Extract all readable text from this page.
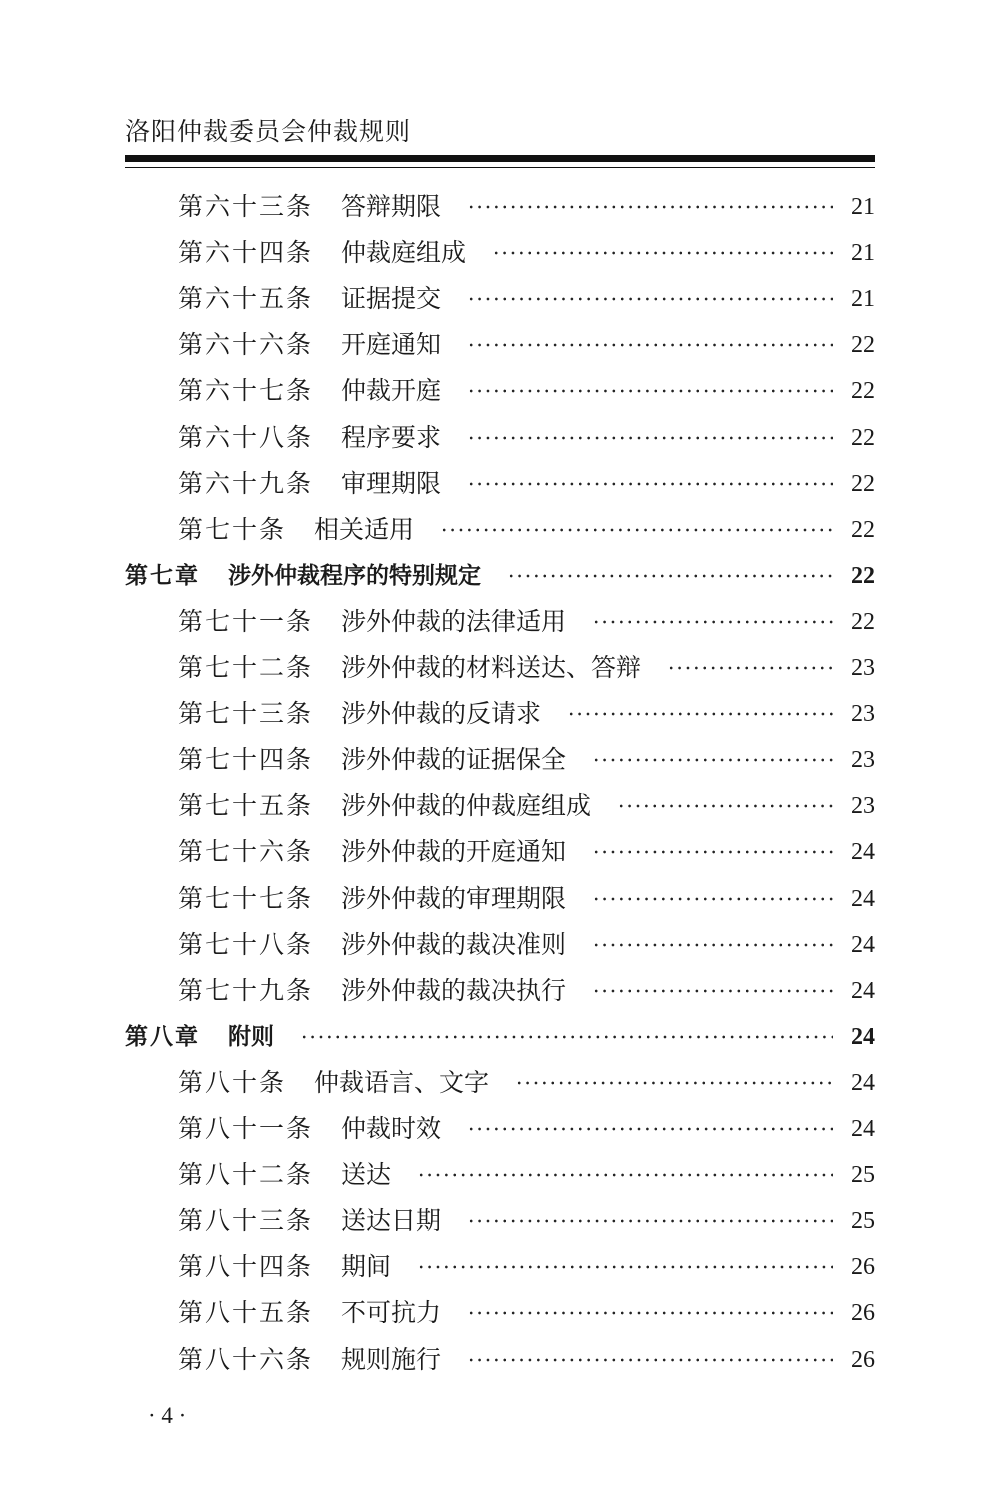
洛阳仲裁委员会仲裁规则
第六十三条 答辩期限	21
第六十四条 仲裁庭组成	21
第六十五条 证据提交	21
第六十六条 开庭通知	22
第六十七条 仲裁开庭	22
第六十八条 程序要求	22
第六十九条 审理期限	22
第七十条 相关适用	22
第七章 涉外仲裁程序的特别规定	22
第七十一条 涉外仲裁的法律适用	22
第七十二条 涉外仲裁的材料送达、答辩	23
第七十三条 涉外仲裁的反请求	23
第七十四条 涉外仲裁的证据保全	23
第七十五条 涉外仲裁的仲裁庭组成	23
第七十六条 涉外仲裁的开庭通知	24
第七十七条 涉外仲裁的审理期限	24
第七十八条 涉外仲裁的裁决准则	24
第七十九条 涉外仲裁的裁决执行	24
第八章 附则	24
第八十条 仲裁语言、文字	24
第八十一条 仲裁时效	24
第八十二条 送达	25
第八十三条 送达日期	25
第八十四条 期间	26
第八十五条 不可抗力	26
第八十六条 规则施行	26
· 4 ·
